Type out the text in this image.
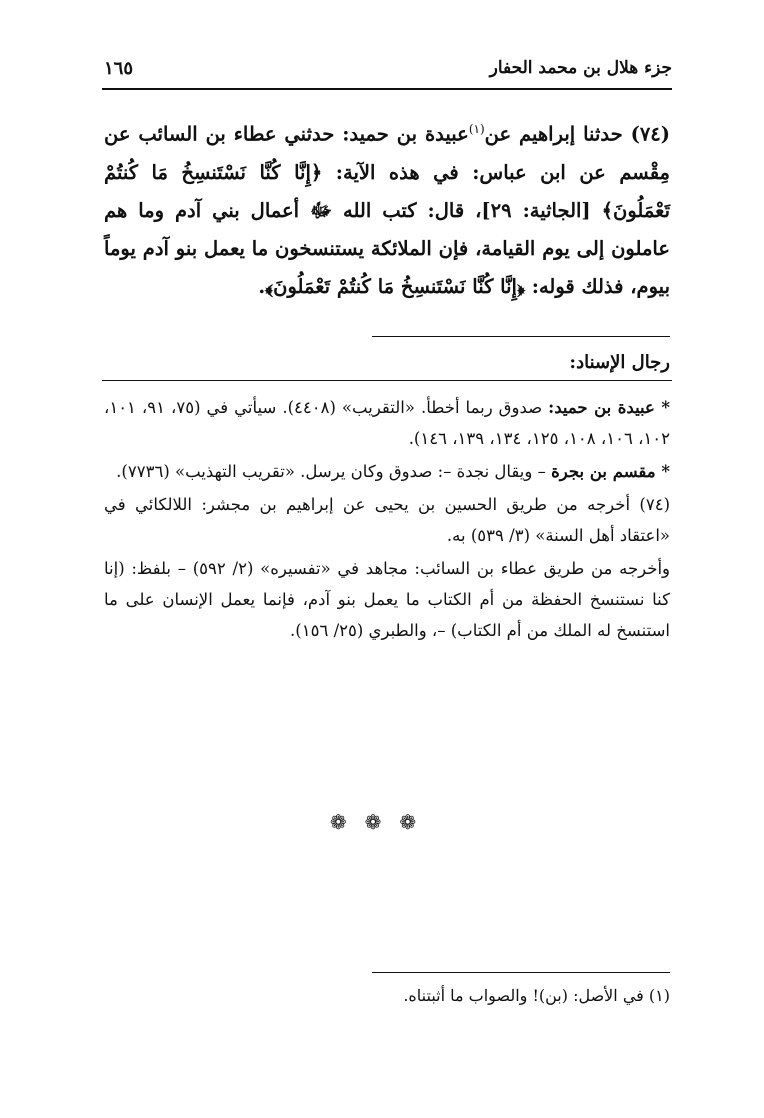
جزء هلال بن محمد الحفار
١٦٥
(٧٤) حدثنا إبراهيم عن$^{(١)}$عبيدة بن حميد: حدثني عطاء بن السائب عن مِقْسم عن ابن عباس: في هذه الآية: ﴿إِنَّا كُنَّا نَسْتَنسِخُ مَا كُنتُمْ تَعْمَلُونَ﴾ [الجاثية: ٢٩]، قال: كتب الله ﷻ أعمال بني آدم وما هم عاملون إلى يوم القيامة، فإن الملائكة يستنسخون ما يعمل بنو آدم يوماً بيوم، فذلك قوله: ﴿إِنَّا كُنَّا نَسْتَنسِخُ مَا كُنتُمْ تَعْمَلُونَ﴾.
رجال الإسناد:

* عبيدة بن حميد: صدوق ربما أخطأ. «التقريب» (٤٤٠٨). سيأتي في (٧٥، ٩١، ١٠١، ١٠٢، ١٠٦، ١٠٨، ١٢٥، ١٣٤، ١٣٩، ١٤٦).

* مقسم بن بجرة – ويقال نجدة –: صدوق وكان يرسل. «تقريب التهذيب» (٧٧٣٦).

(٧٤) أخرجه من طريق الحسين بن يحيى عن إبراهيم بن مجشر: اللالكائي في «اعتقاد أهل السنة» (٣/ ٥٣٩) به.

وأخرجه من طريق عطاء بن السائب: مجاهد في «تفسيره» (٢/ ٥٩٢) – بلفظ: (إنا كنا نستنسخ الحفظة من أم الكتاب ما يعمل بنو آدم، فإنما يعمل الإنسان على ما استنسخ له الملك من أم الكتاب) –، والطبري (٢٥/ ١٥٦).

❁❁❁
(١) في الأصل: (بن)! والصواب ما أثبتناه.
